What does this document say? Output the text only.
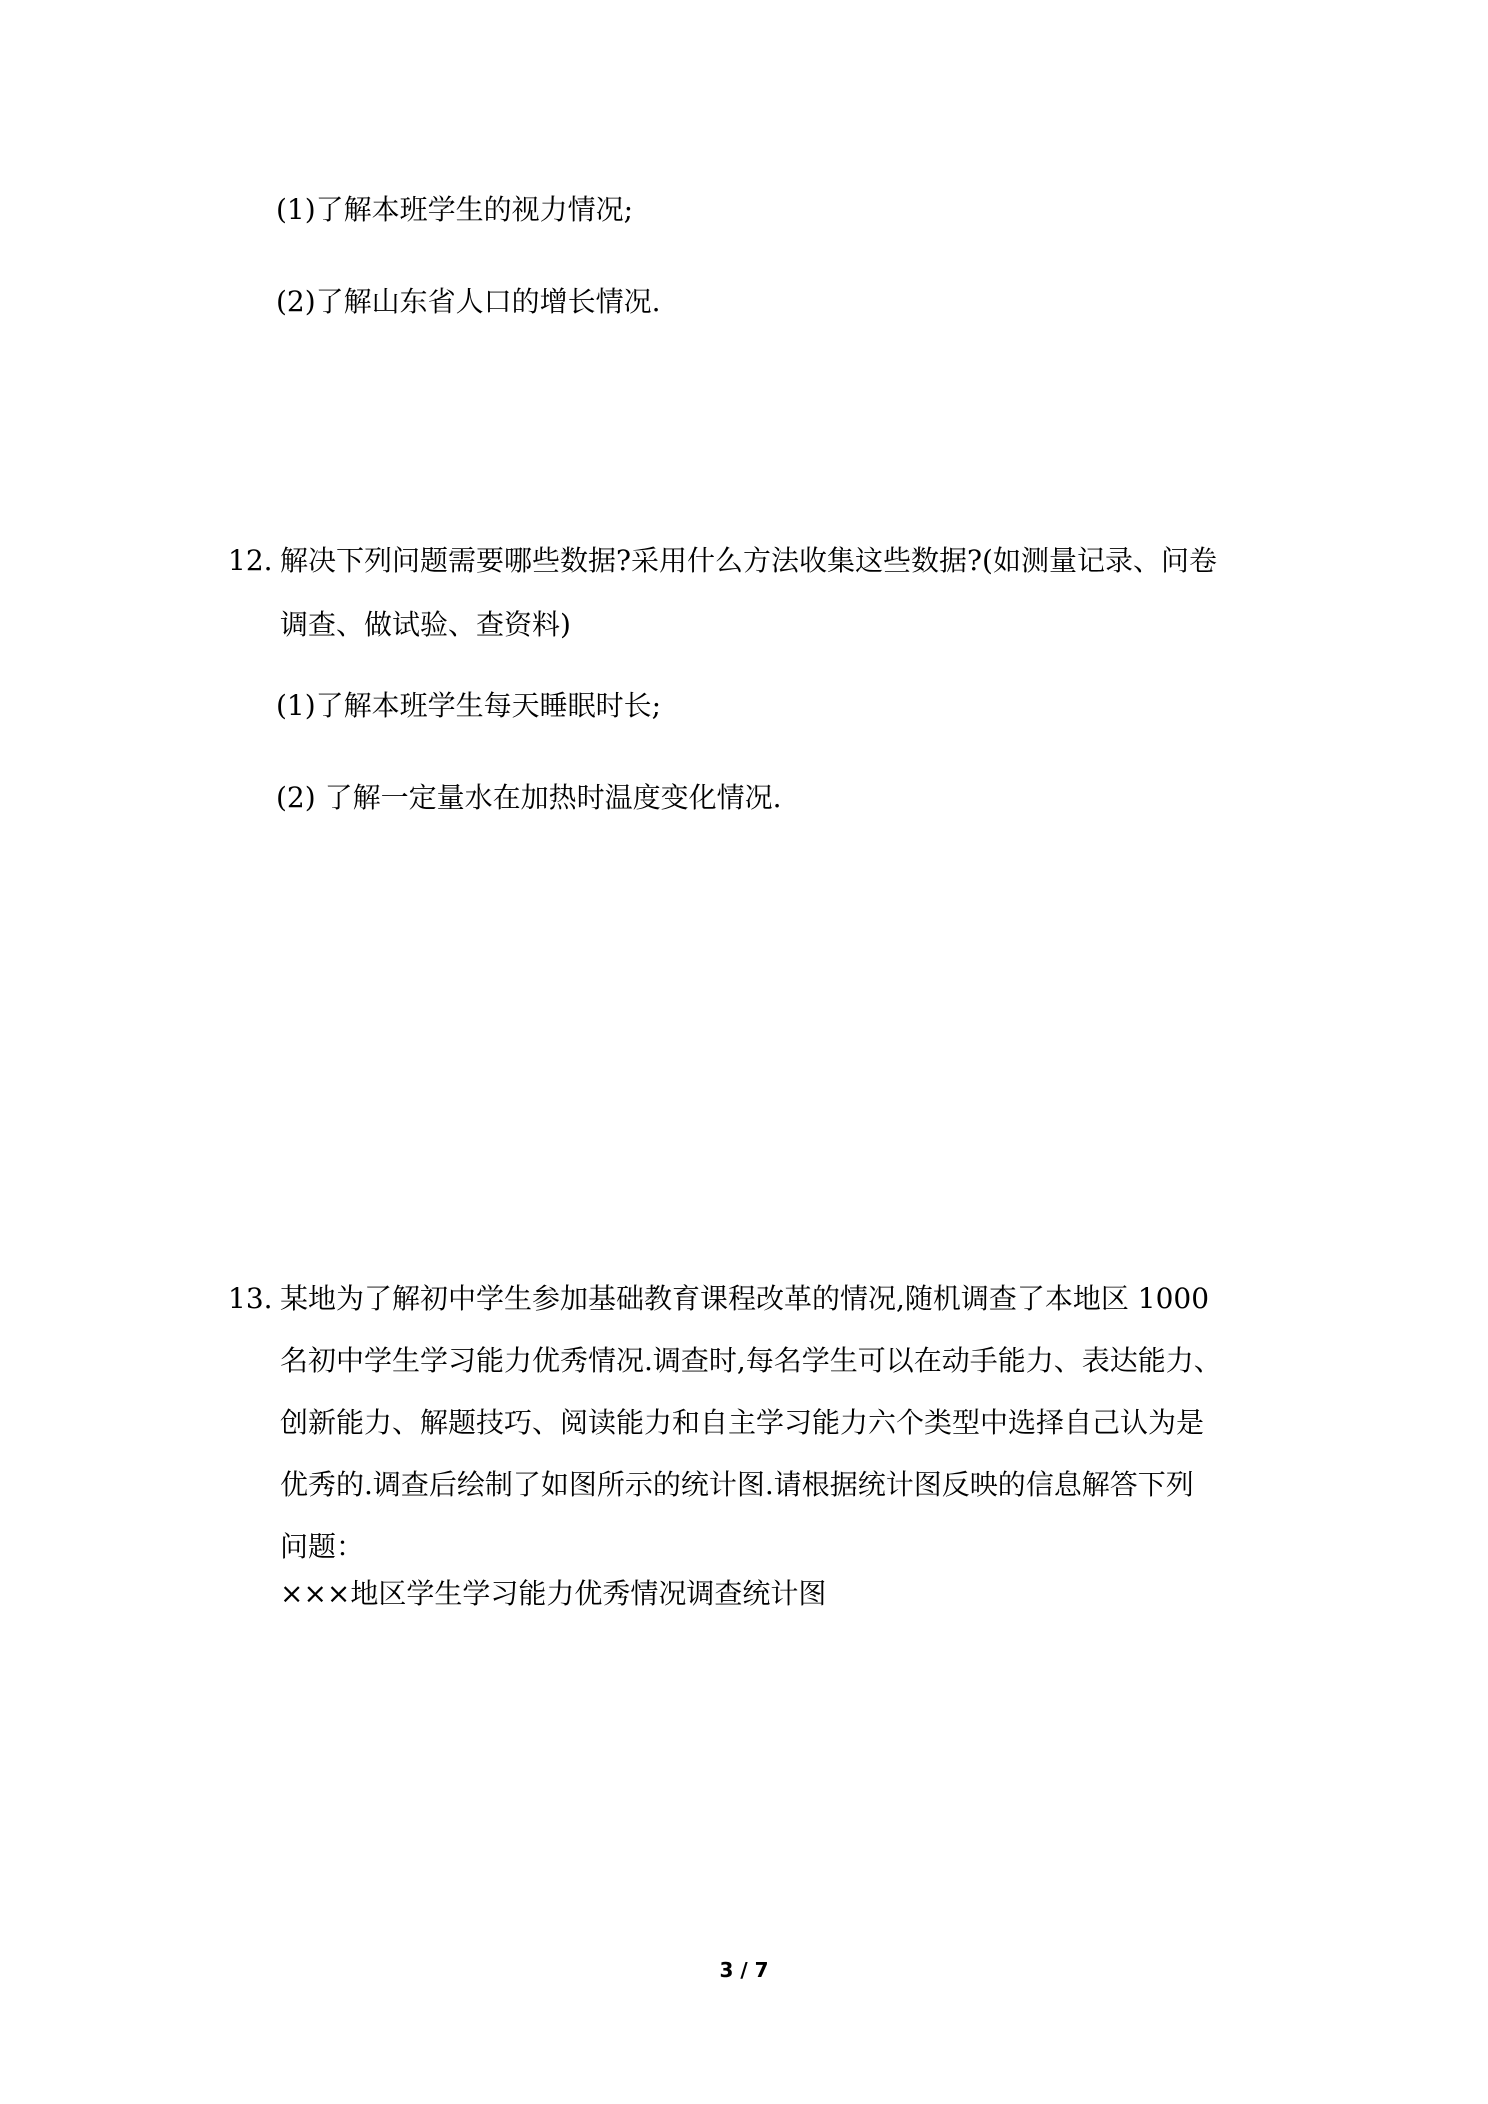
(1)了解本班学生的视力情况;
(2)了解山东省人口的增长情况.
12. 解决下列问题需要哪些数据?采用什么方法收集这些数据?(如测量记录、问卷
调查、做试验、查资料)
(1)了解本班学生每天睡眠时长;
(2) 了解一定量水在加热时温度变化情况.
13. 某地为了解初中学生参加基础教育课程改革的情况,随机调查了本地区 1000
名初中学生学习能力优秀情况.调查时,每名学生可以在动手能力、表达能力、
创新能力、解题技巧、阅读能力和自主学习能力六个类型中选择自己认为是
优秀的.调查后绘制了如图所示的统计图.请根据统计图反映的信息解答下列
问题：
×××地区学生学习能力优秀情况调查统计图
3 / 7
